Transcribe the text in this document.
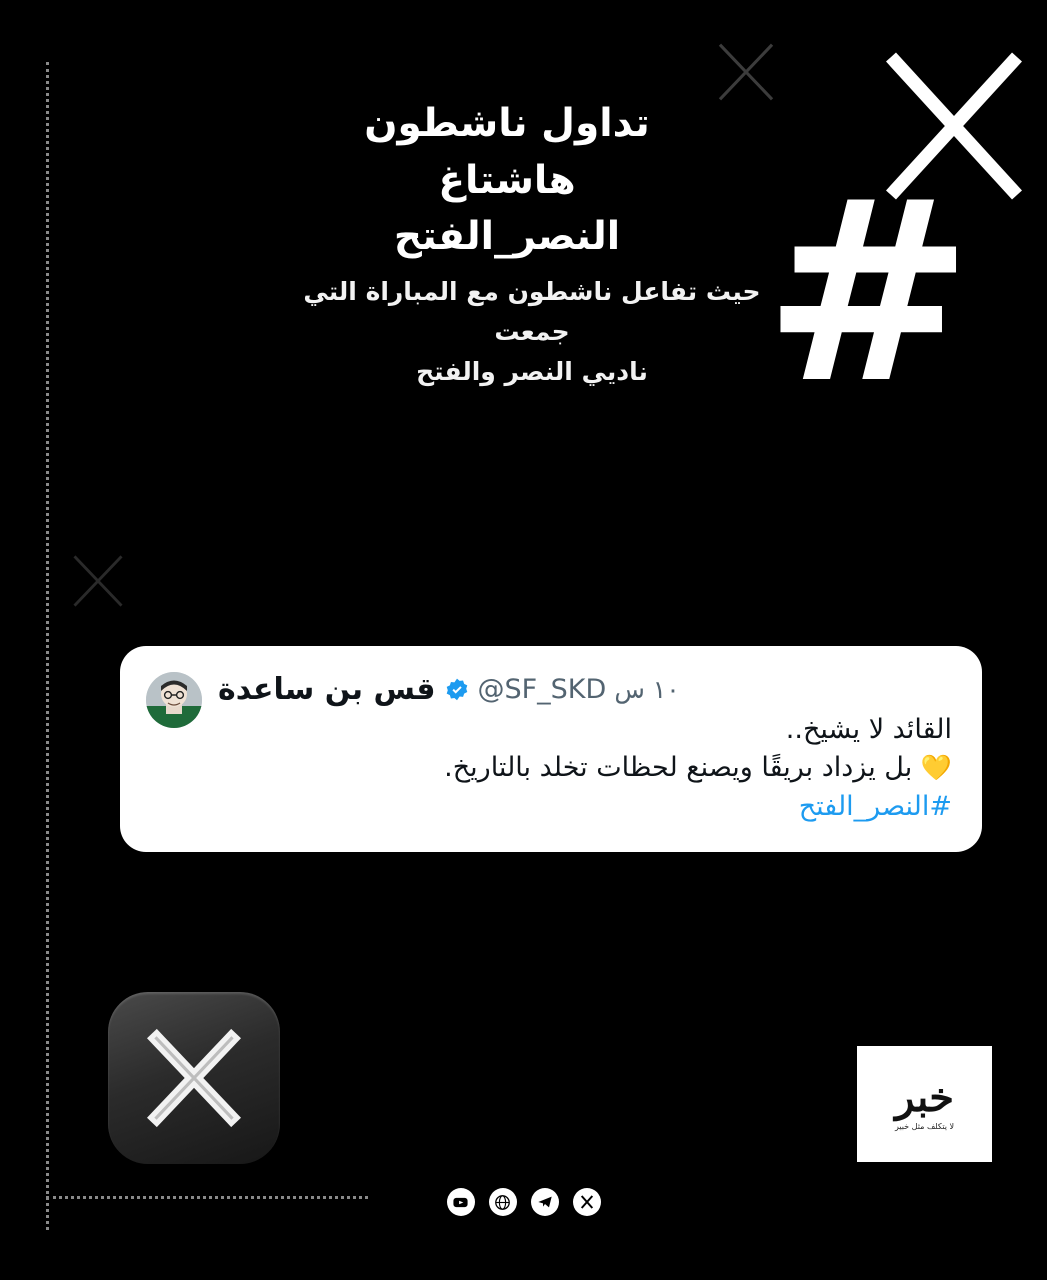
#

تداول ناشطون هاشتاغ

النصر_الفتح

حيث تفاعل ناشطون مع المباراة التي جمعت

ناديي النصر والفتح

قس بن ساعدة @SF_SKD ١٠ س
القائد لا يشيخ..
💛 بل يزداد بريقًا ويصنع لحظات تخلد بالتاريخ.
#النصر_الفتح
خبر
لا يتكلف مثل خبير
